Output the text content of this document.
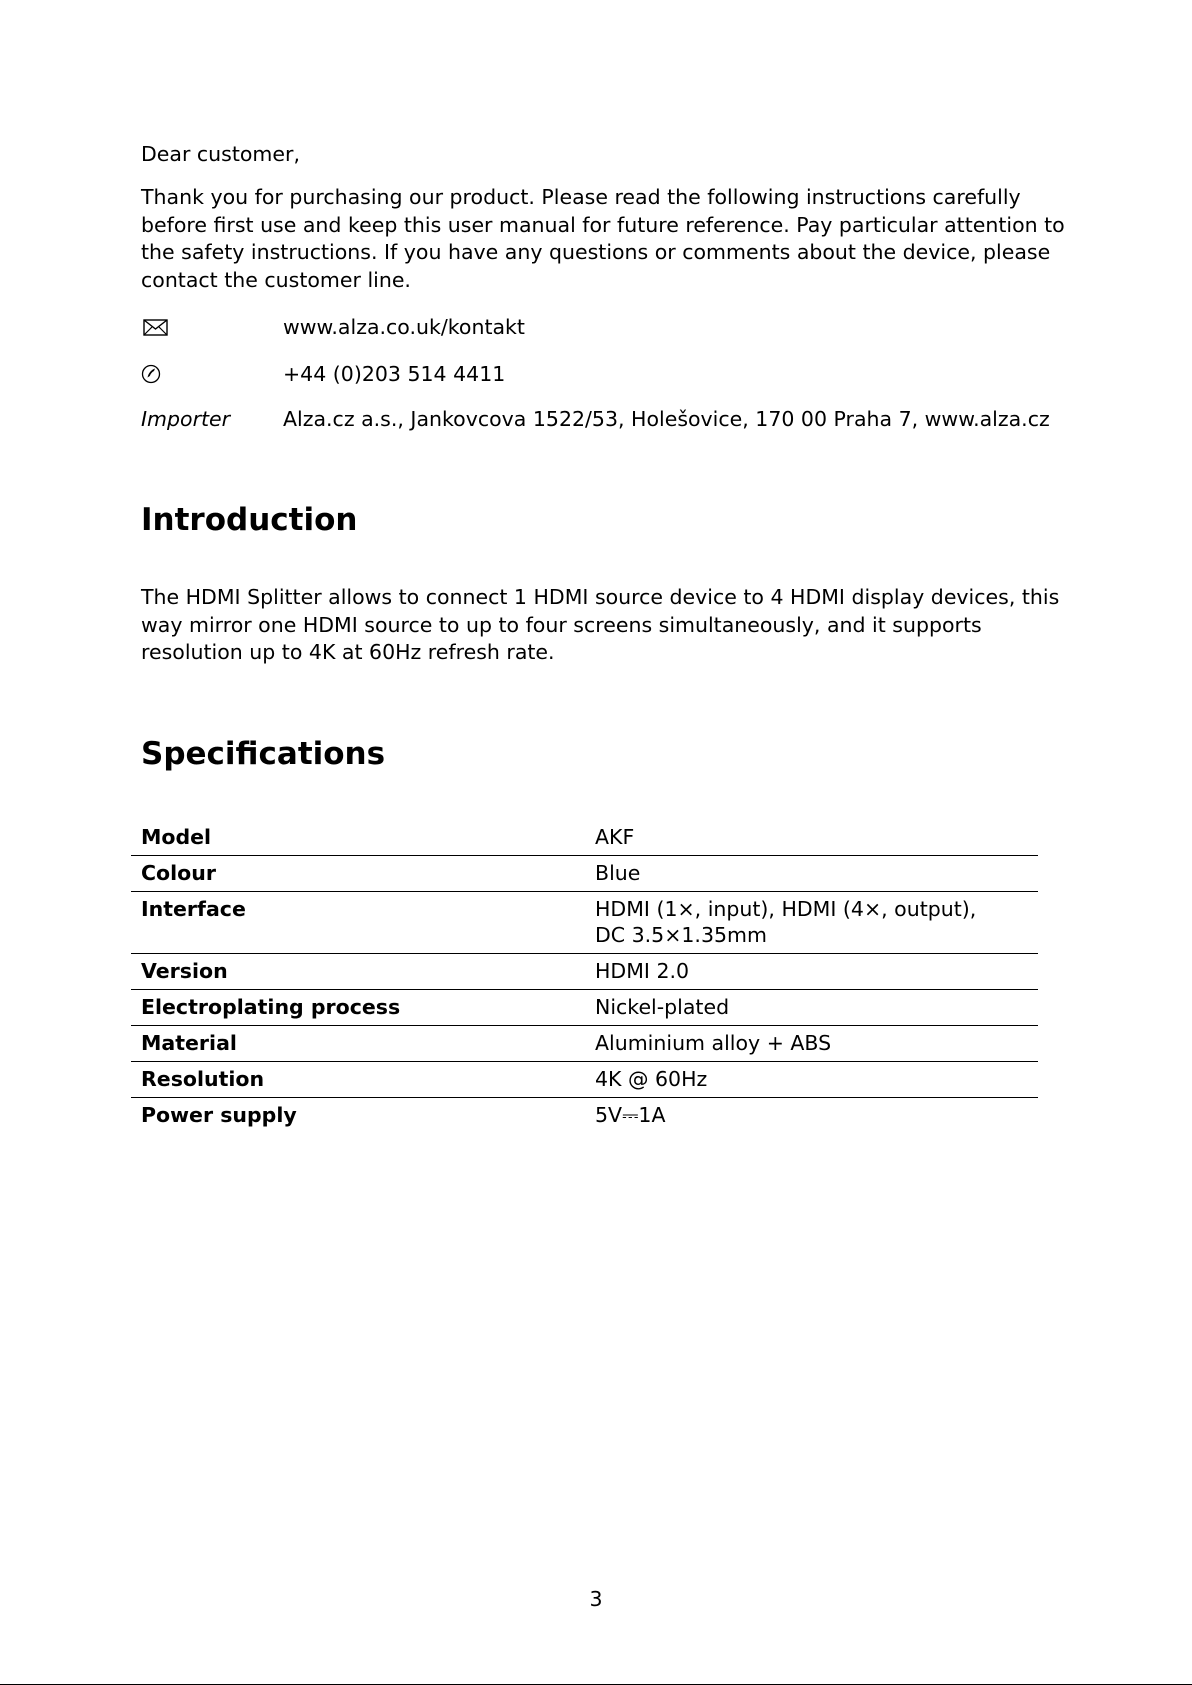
Dear customer,
Thank you for purchasing our product. Please read the following instructions carefully
before first use and keep this user manual for future reference. Pay particular attention to
the safety instructions. If you have any questions or comments about the device, please
contact the customer line.
www.alza.co.uk/kontakt
+44 (0)203 514 4411
Importer	Alza.cz a.s., Jankovcova 1522/53, Holešovice, 170 00 Praha 7, www.alza.cz
Introduction
The HDMI Splitter allows to connect 1 HDMI source device to 4 HDMI display devices, this
way mirror one HDMI source to up to four screens simultaneously, and it supports
resolution up to 4K at 60Hz refresh rate.
Specifications
Model	AKF

Colour	Blue

Interface	HDMI (1×, input), HDMI (4×, output),
DC 3.5×1.35mm

Version	HDMI 2.0

Electroplating process	Nickel-plated

Material	Aluminium alloy + ABS

Resolution	4K @ 60Hz

Power supply	5V⎓1A
3
